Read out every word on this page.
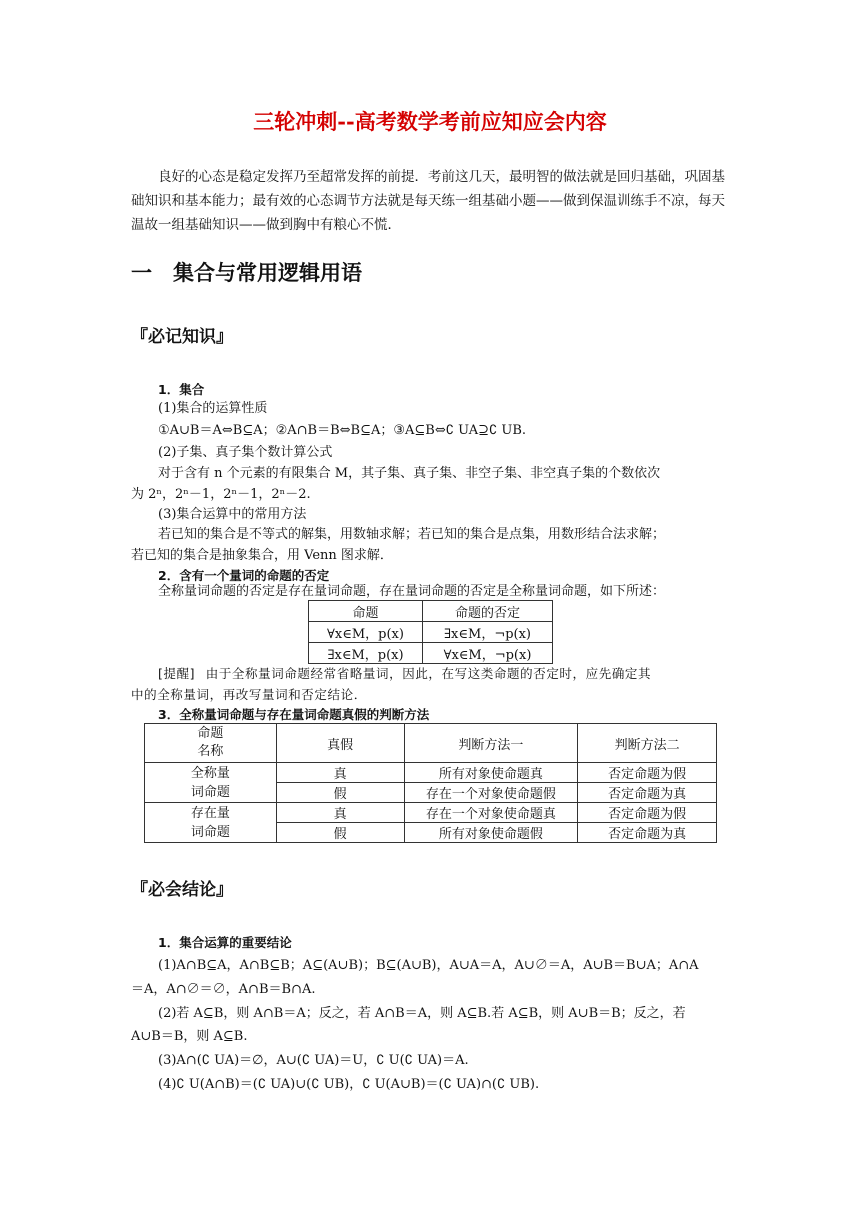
三轮冲刺--高考数学考前应知应会内容
良好的心态是稳定发挥乃至超常发挥的前提．考前这几天，最明智的做法就是回归基础，巩固基础知识和基本能力；最有效的心态调节方法就是每天练一组基础小题——做到保温训练手不凉，每天温故一组基础知识——做到胸中有粮心不慌．
一　集合与常用逻辑用语
『必记知识』
1．集合
(1)集合的运算性质
①A∪B＝A⇔B⊆A；②A∩B＝B⇔B⊆A；③A⊆B⇔∁ UA⊇∁ UB.
(2)子集、真子集个数计算公式
对于含有 n 个元素的有限集合 M，其子集、真子集、非空子集、非空真子集的个数依次
为 2ⁿ，2ⁿ－1，2ⁿ－1，2ⁿ－2.
(3)集合运算中的常用方法
若已知的集合是不等式的解集，用数轴求解；若已知的集合是点集，用数形结合法求解；
若已知的集合是抽象集合，用 Venn 图求解．
2．含有一个量词的命题的否定
全称量词命题的否定是存在量词命题，存在量词命题的否定是全称量词命题，如下所述：
命题	命题的否定
∀x∈M，p(x)	∃x∈M，¬p(x)
∃x∈M，p(x)	∀x∈M，¬p(x)
[提醒] 由于全称量词命题经常省略量词，因此，在写这类命题的否定时，应先确定其
中的全称量词，再改写量词和否定结论．
3．全称量词命题与存在量词命题真假的判断方法
命题
名称	真假	判断方法一	判断方法二

全称量
词命题	真	所有对象使命题真	否定命题为假
	假	存在一个对象使命题假	否定命题为真

存在量
词命题	真	存在一个对象使命题真	否定命题为假
	假	所有对象使命题假	否定命题为真
『必会结论』
1．集合运算的重要结论
(1)A∩B⊆A，A∩B⊆B；A⊆(A∪B)；B⊆(A∪B)，A∪A＝A，A∪∅＝A，A∪B＝B∪A；A∩A
＝A，A∩∅＝∅，A∩B＝B∩A.
(2)若 A⊆B，则 A∩B＝A；反之，若 A∩B＝A，则 A⊆B.若 A⊆B，则 A∪B＝B；反之，若
A∪B＝B，则 A⊆B.
(3)A∩(∁ UA)＝∅，A∪(∁ UA)＝U，∁ U(∁ UA)＝A.
(4)∁ U(A∩B)＝(∁ UA)∪(∁ UB)，∁ U(A∪B)＝(∁ UA)∩(∁ UB).
